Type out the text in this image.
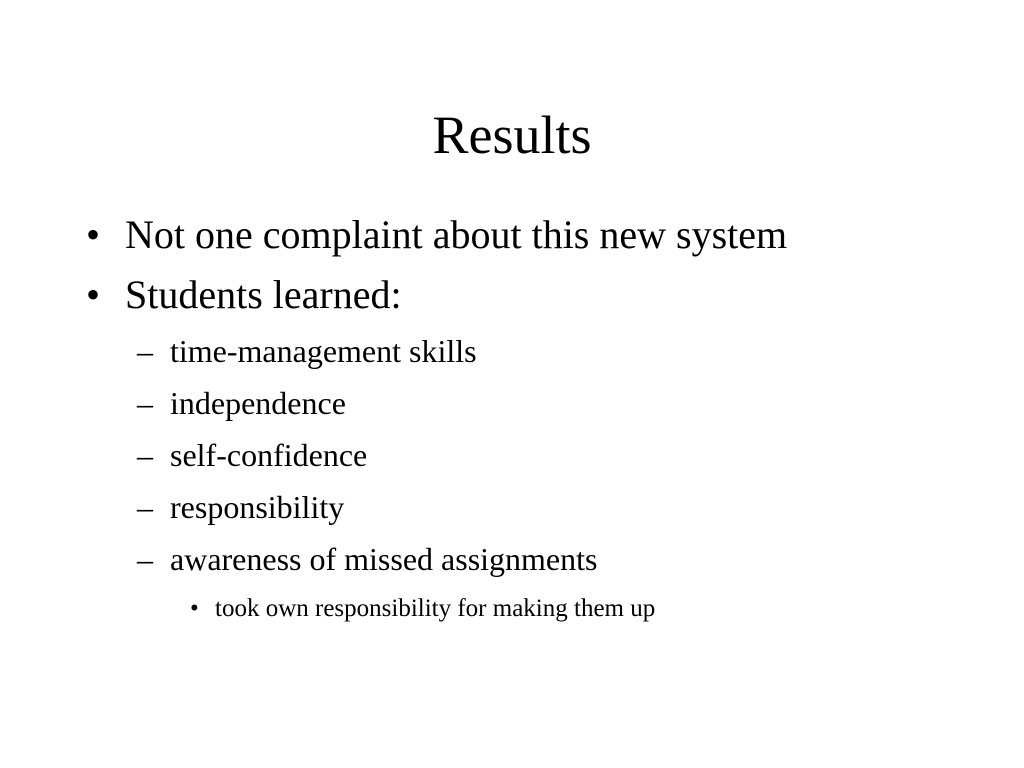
Results
• Not one complaint about this new system
• Students learned:
– time-management skills
– independence
– self-confidence
– responsibility
– awareness of missed assignments
• took own responsibility for making them up
